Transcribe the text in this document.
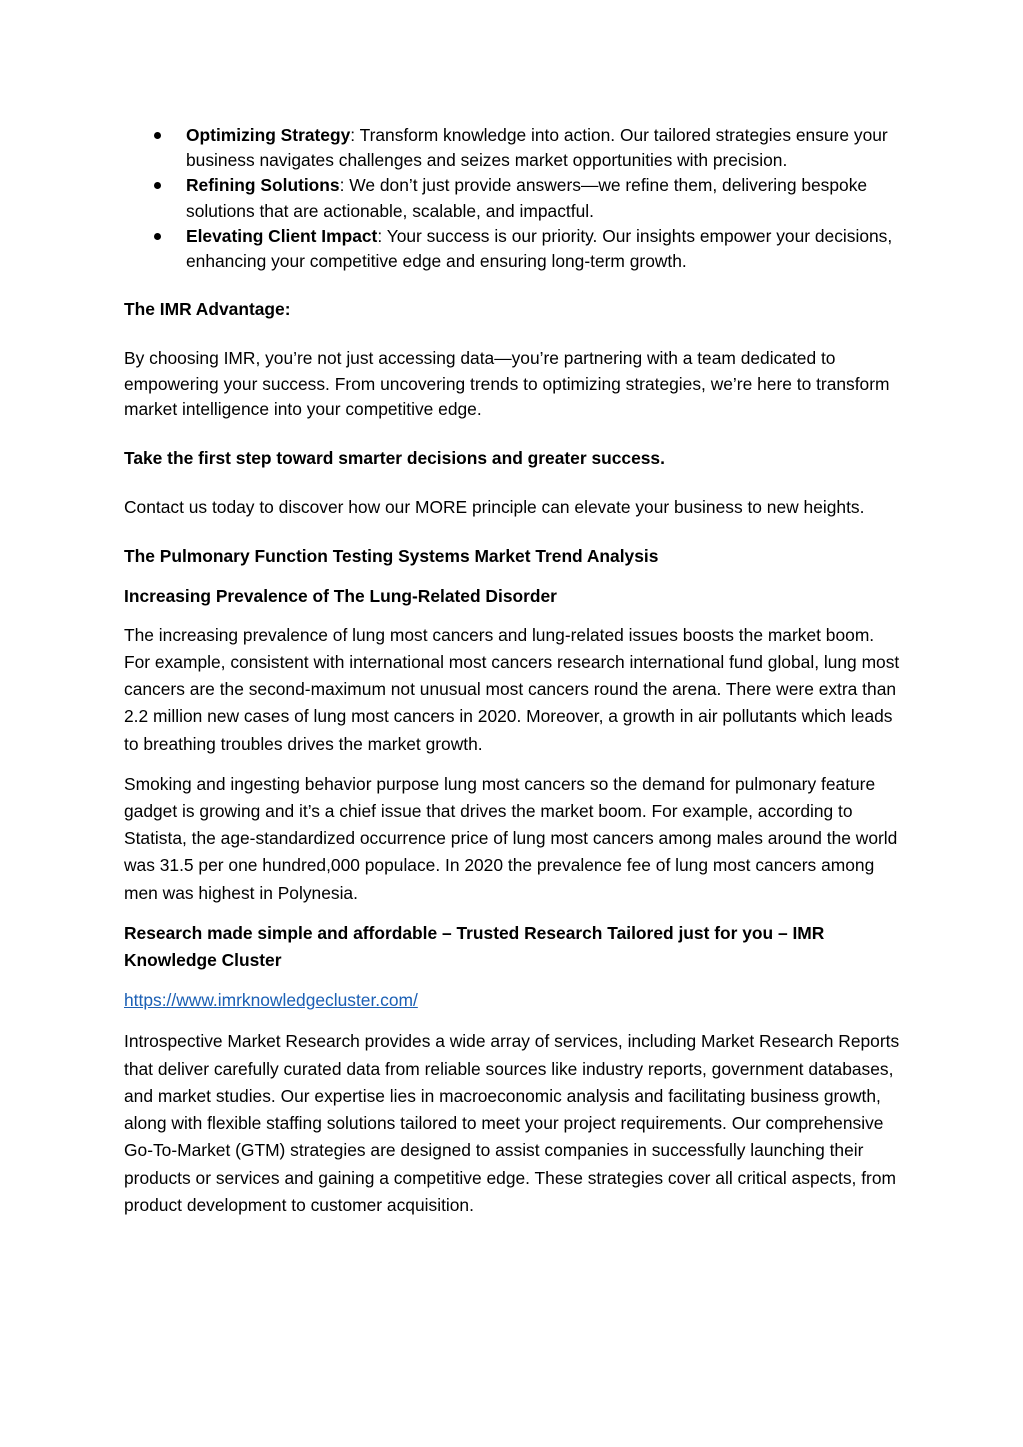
Optimizing Strategy: Transform knowledge into action. Our tailored strategies ensure your business navigates challenges and seizes market opportunities with precision.
Refining Solutions: We don’t just provide answers—we refine them, delivering bespoke solutions that are actionable, scalable, and impactful.
Elevating Client Impact: Your success is our priority. Our insights empower your decisions, enhancing your competitive edge and ensuring long-term growth.

The IMR Advantage:

By choosing IMR, you’re not just accessing data—you’re partnering with a team dedicated to empowering your success. From uncovering trends to optimizing strategies, we’re here to transform market intelligence into your competitive edge.

Take the first step toward smarter decisions and greater success.

Contact us today to discover how our MORE principle can elevate your business to new heights.

The Pulmonary Function Testing Systems Market Trend Analysis

Increasing Prevalence of The Lung-Related Disorder

The increasing prevalence of lung most cancers and lung-related issues boosts the market boom. For example, consistent with international most cancers research international fund global, lung most cancers are the second-maximum not unusual most cancers round the arena. There were extra than 2.2 million new cases of lung most cancers in 2020. Moreover, a growth in air pollutants which leads to breathing troubles drives the market growth.

Smoking and ingesting behavior purpose lung most cancers so the demand for pulmonary feature gadget is growing and it’s a chief issue that drives the market boom. For example, according to Statista, the age-standardized occurrence price of lung most cancers among males around the world was 31.5 per one hundred,000 populace. In 2020 the prevalence fee of lung most cancers among men was highest in Polynesia.

Research made simple and affordable – Trusted Research Tailored just for you – IMR Knowledge Cluster

https://www.imrknowledgecluster.com/

Introspective Market Research provides a wide array of services, including Market Research Reports that deliver carefully curated data from reliable sources like industry reports, government databases, and market studies. Our expertise lies in macroeconomic analysis and facilitating business growth, along with flexible staffing solutions tailored to meet your project requirements. Our comprehensive Go-To-Market (GTM) strategies are designed to assist companies in successfully launching their products or services and gaining a competitive edge. These strategies cover all critical aspects, from product development to customer acquisition.
